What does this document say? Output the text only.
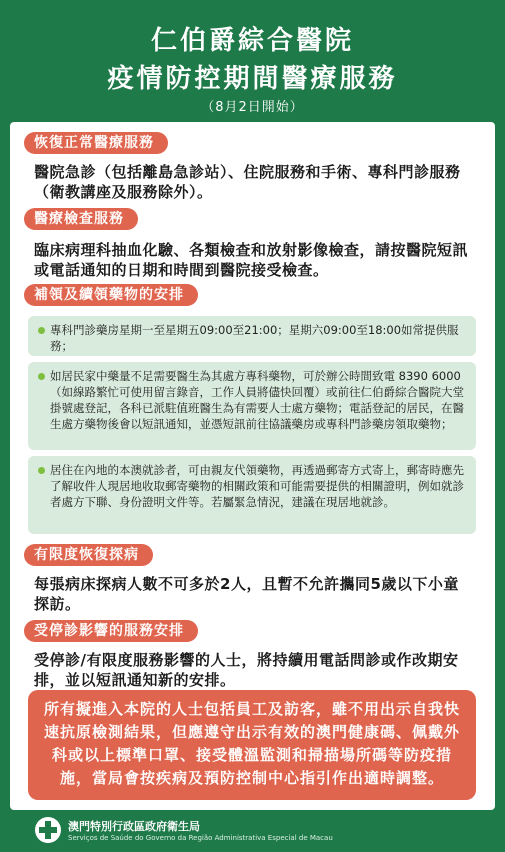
仁伯爵綜合醫院
疫情防控期間醫療服務
（8月2日開始）
恢復正常醫療服務
醫院急診（包括離島急診站）、住院服務和手術、專科門診服務（衛教講座及服務除外）。
醫療檢查服務
臨床病理科抽血化驗、各類檢查和放射影像檢查，請按醫院短訊或電話通知的日期和時間到醫院接受檢查。
補領及續領藥物的安排
專科門診藥房星期一至星期五09:00至21:00；星期六09:00至18:00如常提供服務；
如居民家中藥量不足需要醫生為其處方專科藥物，可於辦公時間致電 8390 6000（如線路繁忙可使用留言錄音，工作人員將儘快回覆）或前往仁伯爵綜合醫院大堂掛號處登記，各科已派駐值班醫生為有需要人士處方藥物；電話登記的居民，在醫生處方藥物後會以短訊通知，並憑短訊前往協議藥房或專科門診藥房領取藥物；
居住在內地的本澳就診者，可由親友代領藥物，再透過郵寄方式寄上，郵寄時應先了解收件人現居地收取郵寄藥物的相關政策和可能需要提供的相關證明，例如就診者處方下聯、身份證明文件等。若屬緊急情況，建議在現居地就診。
有限度恢復探病
每張病床探病人數不可多於2人，且暫不允許攜同5歲以下小童探訪。
受停診影響的服務安排
受停診/有限度服務影響的人士，將持續用電話問診或作改期安排，並以短訊通知新的安排。
所有擬進入本院的人士包括員工及訪客，雖不用出示自我快速抗原檢測結果，但應遵守出示有效的澳門健康碼、佩戴外科或以上標準口罩、接受體溫監測和掃描場所碼等防疫措施，當局會按疾病及預防控制中心指引作出適時調整。
澳門特別行政區政府衛生局
Serviços de Saúde do Governo da Região Administrativa Especial de Macau
